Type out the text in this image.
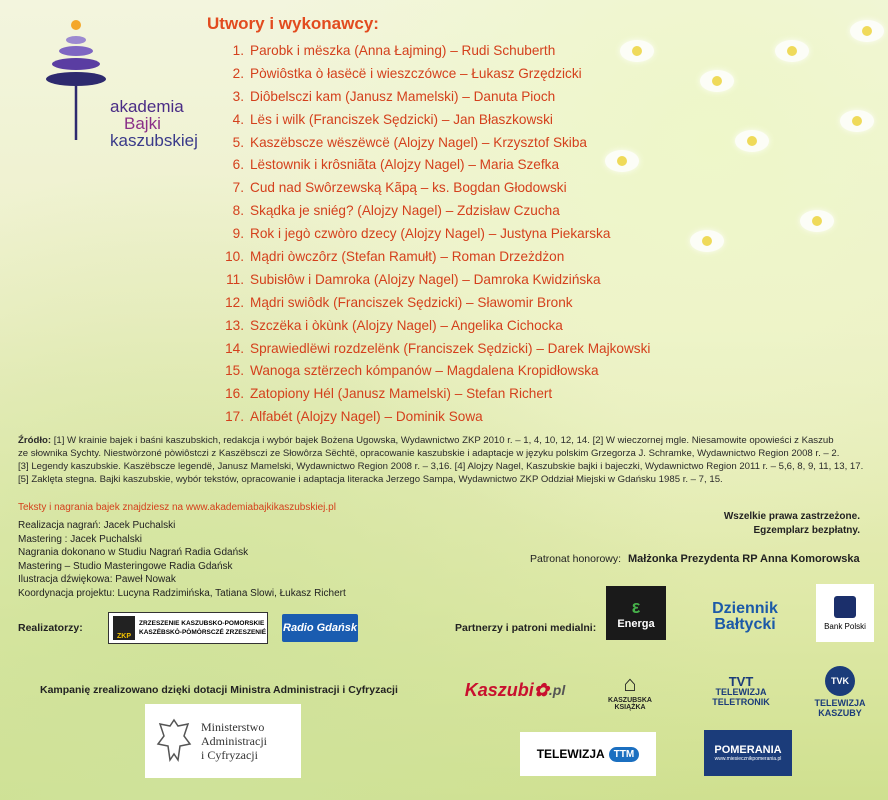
akademia
Bajki
kaszubskiej
Utwory i wykonawcy:
1. Parobk i mëszka (Anna Łajming) – Rudi Schuberth
2. Pòwiôstka ò łasëcë i wieszczówce – Łukasz Grzędzicki
3. Diôbelsczi kam (Janusz Mamelski) – Danuta Pioch
4. Lës i wilk (Franciszek Sędzicki) – Jan Błaszkowski
5. Kaszëbscze wëszëwcë (Alojzy Nagel) – Krzysztof Skiba
6. Lëstownik i krôsniãta (Alojzy Nagel) – Maria Szefka
7. Cud nad Swôrzewską Kãpą – ks. Bogdan Głodowski
8. Skądka je sniég? (Alojzy Nagel) – Zdzisław Czucha
9. Rok i jegò czwòro dzecy (Alojzy Nagel) – Justyna Piekarska
10. Mądri òwczôrz (Stefan Ramułt) – Roman Drzeżdżon
11. Subisłôw i Damroka (Alojzy Nagel) – Damroka Kwidzińska
12. Mądri swiôdk (Franciszek Sędzicki) – Sławomir Bronk
13. Szczëka i òkùnk (Alojzy Nagel) – Angelika Cichocka
14. Sprawiedlëwi rozdzelënk (Franciszek Sędzicki) – Darek Majkowski
15. Wanoga sztërzech kómpanów – Magdalena Kropidłowska
16. Zatopiony Hél (Janusz Mamelski) – Stefan Richert
17. Alfabét (Alojzy Nagel) – Dominik Sowa
Źródło: [1] W krainie bajek i baśni kaszubskich, redakcja i wybór bajek Bożena Ugowska, Wydawnictwo ZKP 2010 r. – 1, 4, 10, 12, 14. [2] W wieczornej mgle. Niesamowite opowieści z Kaszub
ze słownika Sychty. Niestwòrzoné pòwiôstczi z Kaszëbsczi ze Słowôrza Sëchtë, opracowanie kaszubskie i adaptacje w języku polskim Grzegorza J. Schramke, Wydawnictwo Region 2008 r. – 2.
[3] Legendy kaszubskie. Kaszëbscze legendë, Janusz Mamelski, Wydawnictwo Region 2008 r. – 3,16. [4] Alojzy Nagel, Kaszubskie bajki i bajeczki, Wydawnictwo Region 2011 r. – 5,6, 8, 9, 11, 13, 17.
[5] Zaklęta stegna. Bajki kaszubskie, wybór tekstów, opracowanie i adaptacja literacka Jerzego Sampa, Wydawnictwo ZKP Oddział Miejski w Gdańsku 1985 r. – 7, 15.
Teksty i nagrania bajek znajdziesz na www.akademiabajkikaszubskiej.pl
Realizacja nagrań: Jacek Puchalski
Mastering : Jacek Puchalski
Nagrania dokonano w Studiu Nagrań Radia Gdańsk
Mastering – Studio Masteringowe Radia Gdańsk
Ilustracja dźwiękowa: Paweł Nowak
Koordynacja projektu: Lucyna Radzimińska, Tatiana Slowi, Łukasz Richert
Wszelkie prawa zastrzeżone.
Egzemplarz bezpłatny.
Patronat honorowy: Małżonka Prezydenta RP Anna Komorowska
Realizatorzy:
ZKP
ZRZESZENIE KASZUBSKO-POMORSKIE
KASZËBSKÒ-PÒMÒRSCZÉ ZRZESZENIÉ Radio Gdańsk	Partnerzy i patroni medialni:
ε
Energa
Dziennik
Bałtycki	Bank Polski
Kaszubi ✿ .pl	⌂
KASZUBSKA
KSIĄŻKA
TVT
TELEWIZJA
TELETRONIK
TVK
TELEWIZJA
KASZUBY
TELEWIZJA TTM	POMERANIA
www.miesiecznikpomerania.pl
Kampanię zrealizowano dzięki dotacji Ministra Administracji i Cyfryzacji
Ministerstwo
Administracji
i Cyfryzacji
